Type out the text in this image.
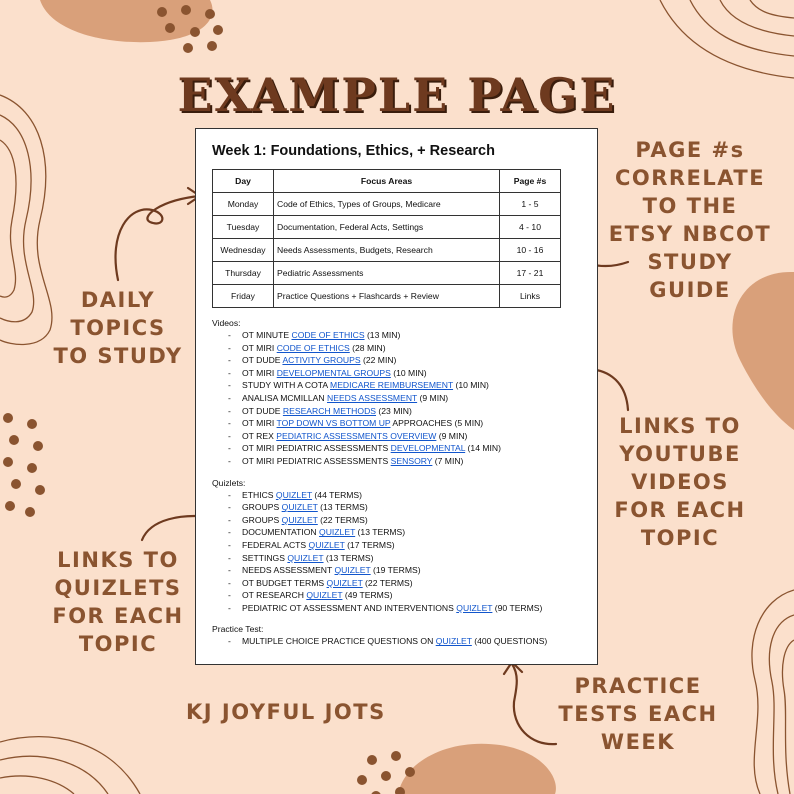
EXAMPLE PAGE
PAGE #s
CORRELATE
TO THE
ETSY NBCOT
STUDY
GUIDE
DAILY
TOPICS
TO STUDY
LINKS TO
YOUTUBE
VIDEOS
FOR EACH
TOPIC
LINKS TO
QUIZLETS
FOR EACH
TOPIC
PRACTICE
TESTS EACH
WEEK
KJ JOYFUL JOTS
Week 1: Foundations, Ethics, + Research
Day	Focus Areas	Page #s
Monday	Code of Ethics, Types of Groups, Medicare	1 - 5
Tuesday	Documentation, Federal Acts, Settings	4 - 10
Wednesday	Needs Assessments, Budgets, Research	10 - 16
Thursday	Pediatric Assessments	17 - 21
Friday	Practice Questions + Flashcards + Review	Links
Videos:
- OT MINUTE CODE OF ETHICS (13 MIN)
- OT MIRI CODE OF ETHICS (28 MIN)
- OT DUDE ACTIVITY GROUPS (22 MIN)
- OT MIRI DEVELOPMENTAL GROUPS (10 MIN)
- STUDY WITH A COTA MEDICARE REIMBURSEMENT (10 MIN)
- ANALISA MCMILLAN NEEDS ASSESSMENT (9 MIN)
- OT DUDE RESEARCH METHODS (23 MIN)
- OT MIRI TOP DOWN VS BOTTOM UP APPROACHES (5 MIN)
- OT REX PEDIATRIC ASSESSMENTS OVERVIEW (9 MIN)
- OT MIRI PEDIATRIC ASSESSMENTS DEVELOPMENTAL (14 MIN)
- OT MIRI PEDIATRIC ASSESSMENTS SENSORY (7 MIN)
Quizlets:
- ETHICS QUIZLET (44 TERMS)
- GROUPS QUIZLET (13 TERMS)
- GROUPS QUIZLET (22 TERMS)
- DOCUMENTATION QUIZLET (13 TERMS)
- FEDERAL ACTS QUIZLET (17 TERMS)
- SETTINGS QUIZLET (13 TERMS)
- NEEDS ASSESSMENT QUIZLET (19 TERMS)
- OT BUDGET TERMS QUIZLET (22 TERMS)
- OT RESEARCH QUIZLET (49 TERMS)
- PEDIATRIC OT ASSESSMENT AND INTERVENTIONS QUIZLET (90 TERMS)
Practice Test:
- MULTIPLE CHOICE PRACTICE QUESTIONS ON QUIZLET (400 QUESTIONS)
